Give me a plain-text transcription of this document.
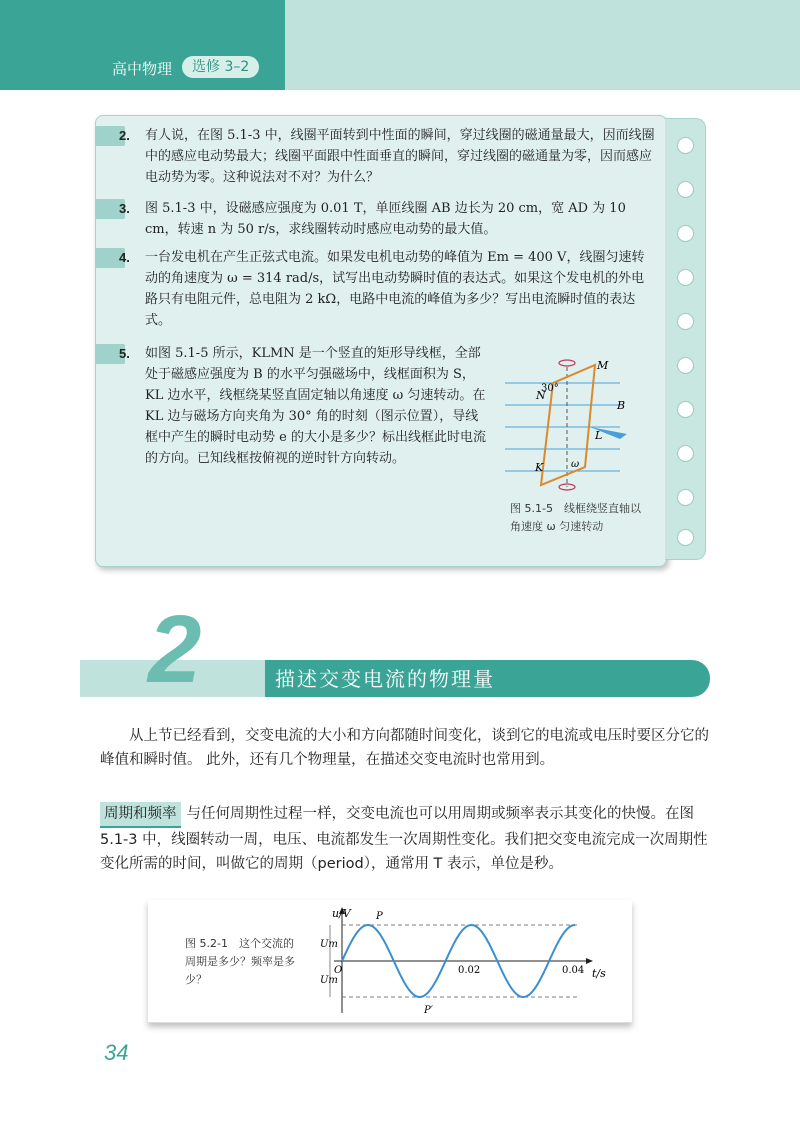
高中物理	选修 3–2
2. 有人说，在图 5.1-3 中，线圈平面转到中性面的瞬间，穿过线圈的磁通量最大，因而线圈中的感应电动势最大；线圈平面跟中性面垂直的瞬间，穿过线圈的磁通量为零，因而感应电动势为零。这种说法对不对？为什么？
3. 图 5.1-3 中，设磁感应强度为 0.01 T，单匝线圈 AB 边长为 20 cm，宽 AD 为 10 cm，转速 n 为 50 r/s，求线圈转动时感应电动势的最大值。
4. 一台发电机在产生正弦式电流。如果发电机电动势的峰值为 Em = 400 V，线圈匀速转动的角速度为 ω = 314 rad/s，试写出电动势瞬时值的表达式。如果这个发电机的外电路只有电阻元件，总电阻为 2 kΩ，电路中电流的峰值为多少？写出电流瞬时值的表达式。
5. 如图 5.1-5 所示，KLMN 是一个竖直的矩形导线框，全部处于磁感应强度为 B 的水平匀强磁场中，线框面积为 S，KL 边水平，线框绕某竖直固定轴以角速度 ω 匀速转动。在 KL 边与磁场方向夹角为 30° 角的时刻（图示位置），导线框中产生的瞬时电动势 e 的大小是多少？标出线框此时电流的方向。已知线框按俯视的逆时针方向转动。
M
N
L
K
B
30°
ω
图 5.1-5　线框绕竖直轴以角速度 ω 匀速转动
2	描述交变电流的物理量
从上节已经看到，交变电流的大小和方向都随时间变化，谈到它的电流或电压时要区分它的峰值和瞬时值。 此外，还有几个物理量，在描述交变电流时也常用到。
周期和频率 与任何周期性过程一样，交变电流也可以用周期或频率表示其变化的快慢。在图 5.1-3 中，线圈转动一周，电压、电流都发生一次周期性变化。我们把交变电流完成一次周期性变化所需的时间，叫做它的周期（period），通常用 T 表示，单位是秒。
图 5.2-1　这个交流的周期是多少？频率是多少？
u/V
t/s
O
Um
Um
P
P′
0.02	0.04
34
